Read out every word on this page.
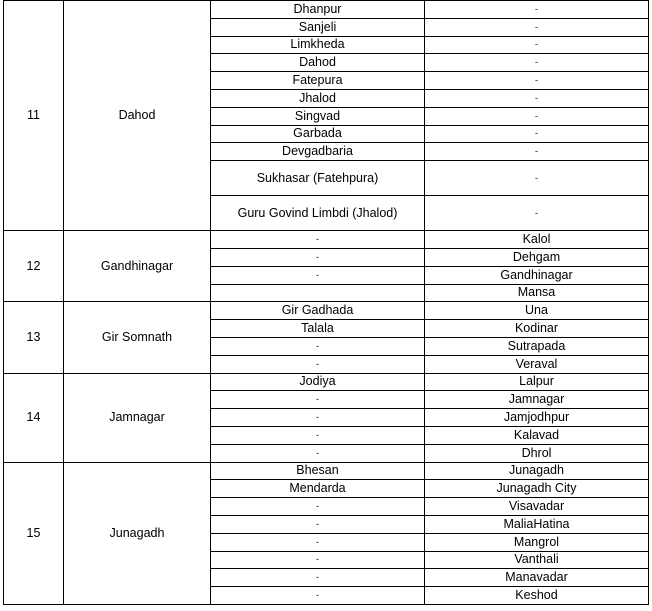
11	Dahod	Dhanpur	-
		Sanjeli	-
		Limkheda	-
		Dahod	-
		Fatepura	-
		Jhalod	-
		Singvad	-
		Garbada	-
		Devgadbaria	-
		Sukhasar (Fatehpura)	-
		Guru Govind Limbdi (Jhalod)	-
12	Gandhinagar	-	Kalol
		-	Dehgam
		-	Gandhinagar
			Mansa
13	Gir Somnath	Gir Gadhada	Una
		Talala	Kodinar
		-	Sutrapada
		-	Veraval
14	Jamnagar	Jodiya	Lalpur
		-	Jamnagar
		-	Jamjodhpur
		-	Kalavad
		-	Dhrol
15	Junagadh	Bhesan	Junagadh
		Mendarda	Junagadh City
		-	Visavadar
		-	MaliaHatina
		-	Mangrol
		-	Vanthali
		-	Manavadar
		-	Keshod
